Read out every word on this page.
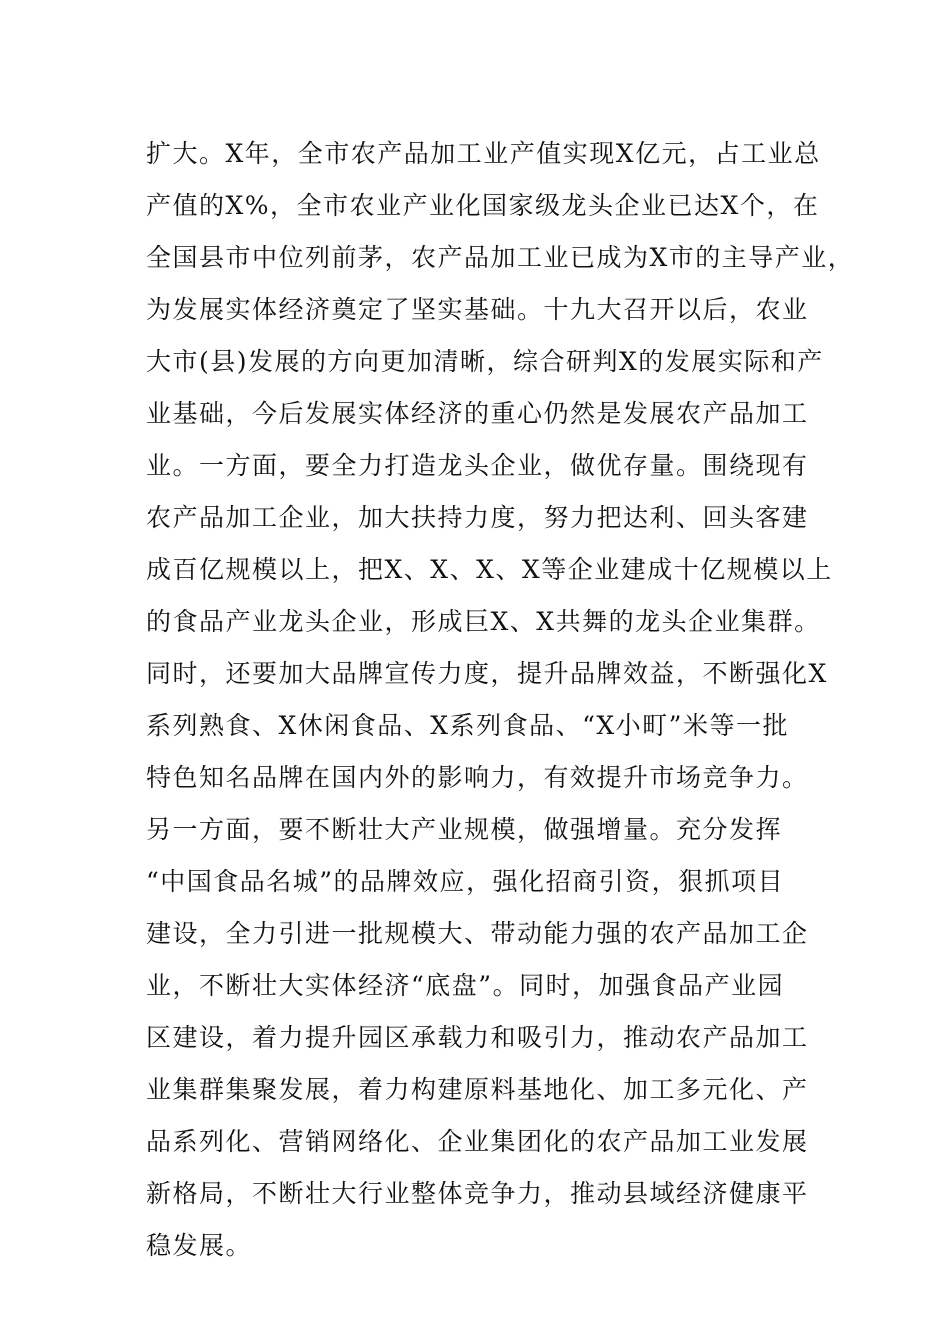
扩大。X年，全市农产品加工业产值实现X亿元，占工业总
产值的X%，全市农业产业化国家级龙头企业已达X个，在
全国县市中位列前茅，农产品加工业已成为X市的主导产业，
为发展实体经济奠定了坚实基础。十九大召开以后，农业
大市(县)发展的方向更加清晰，综合研判X的发展实际和产
业基础，今后发展实体经济的重心仍然是发展农产品加工
业。一方面，要全力打造龙头企业，做优存量。围绕现有
农产品加工企业，加大扶持力度，努力把达利、回头客建
成百亿规模以上，把X、X、X、X等企业建成十亿规模以上
的食品产业龙头企业，形成巨X、X共舞的龙头企业集群。
同时，还要加大品牌宣传力度，提升品牌效益，不断强化X
系列熟食、X休闲食品、X系列食品、“X小町”米等一批
特色知名品牌在国内外的影响力，有效提升市场竞争力。
另一方面，要不断壮大产业规模，做强增量。充分发挥
“中国食品名城”的品牌效应，强化招商引资，狠抓项目
建设，全力引进一批规模大、带动能力强的农产品加工企
业，不断壮大实体经济“底盘”。同时，加强食品产业园
区建设，着力提升园区承载力和吸引力，推动农产品加工
业集群集聚发展，着力构建原料基地化、加工多元化、产
品系列化、营销网络化、企业集团化的农产品加工业发展
新格局，不断壮大行业整体竞争力，推动县域经济健康平
稳发展。
